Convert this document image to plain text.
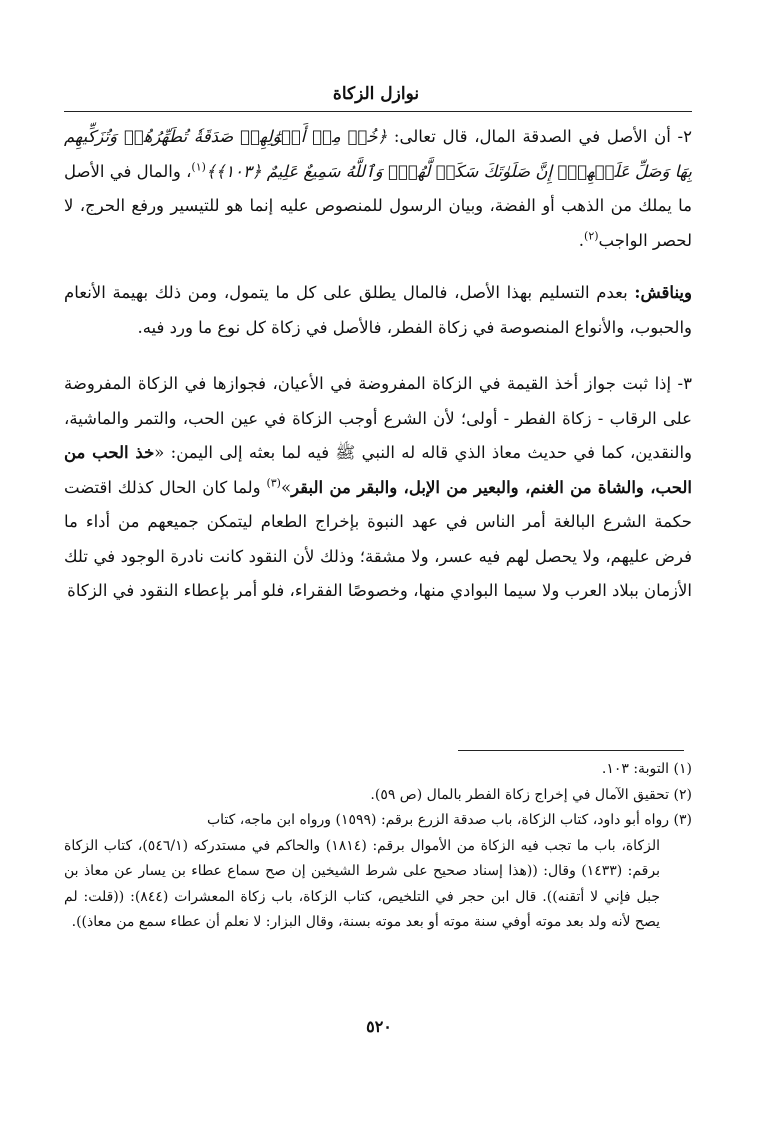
نوازل الزكاة

٢- أن الأصل في الصدقة المال، قال تعالى: ﴿خُذۡ مِنۡ أَمۡوَٰلِهِمۡ صَدَقَةٗ تُطَهِّرُهُمۡ وَتُزَكِّيهِم بِهَا وَصَلِّ عَلَيۡهِمۡۖ إِنَّ صَلَوٰتَكَ سَكَنٞ لَّهُمۡۗ وَٱللَّهُ سَمِيعٌ عَلِيمٌ ﴿١٠٣﴾﴾$^{(١)}$، والمال في الأصل ما يملك من الذهب أو الفضة، وبيان الرسول للمنصوص عليه إنما هو للتيسير ورفع الحرج، لا لحصر الواجب$^{(٢)}$.

ويناقش: بعدم التسليم بهذا الأصل، فالمال يطلق على كل ما يتمول، ومن ذلك بهيمة الأنعام والحبوب، والأنواع المنصوصة في زكاة الفطر، فالأصل في زكاة كل نوع ما ورد فيه.

٣- إذا ثبت جواز أخذ القيمة في الزكاة المفروضة في الأعيان، فجوازها في الزكاة المفروضة على الرقاب - زكاة الفطر - أولى؛ لأن الشرع أوجب الزكاة في عين الحب، والتمر والماشية، والنقدين، كما في حديث معاذ الذي قاله له النبي ﷺ فيه لما بعثه إلى اليمن: «خذ الحب من الحب، والشاة من الغنم، والبعير من الإبل، والبقر من البقر»$^{(٣)}$ ولما كان الحال كذلك اقتضت حكمة الشرع البالغة أمر الناس في عهد النبوة بإخراج الطعام ليتمكن جميعهم من أداء ما فرض عليهم، ولا يحصل لهم فيه عسر، ولا مشقة؛ وذلك لأن النقود كانت نادرة الوجود في تلك الأزمان ببلاد العرب ولا سيما البوادي منها، وخصوصًا الفقراء، فلو أمر بإعطاء النقود في الزكاة

(١) التوبة: ١٠٣.

(٢) تحقيق الآمال في إخراج زكاة الفطر بالمال (ص ٥٩).

(٣) رواه أبو داود، كتاب الزكاة، باب صدقة الزرع برقم: (١٥٩٩) ورواه ابن ماجه، كتاب

الزكاة، باب ما تجب فيه الزكاة من الأموال برقم: (١٨١٤) والحاكم في مستدركه (٥٤٦/١)، كتاب الزكاة برقم: (١٤٣٣) وقال: ((هذا إسناد صحيح على شرط الشيخين إن صح سماع عطاء بن يسار عن معاذ بن جبل فإني لا أتقنه)). قال ابن حجر في التلخيص، كتاب الزكاة، باب زكاة المعشرات (٨٤٤): ((قلت: لم يصح لأنه ولد بعد موته أوفي سنة موته أو بعد موته بسنة، وقال البزار: لا نعلم أن عطاء سمع من معاذ)).

٥٢٠
